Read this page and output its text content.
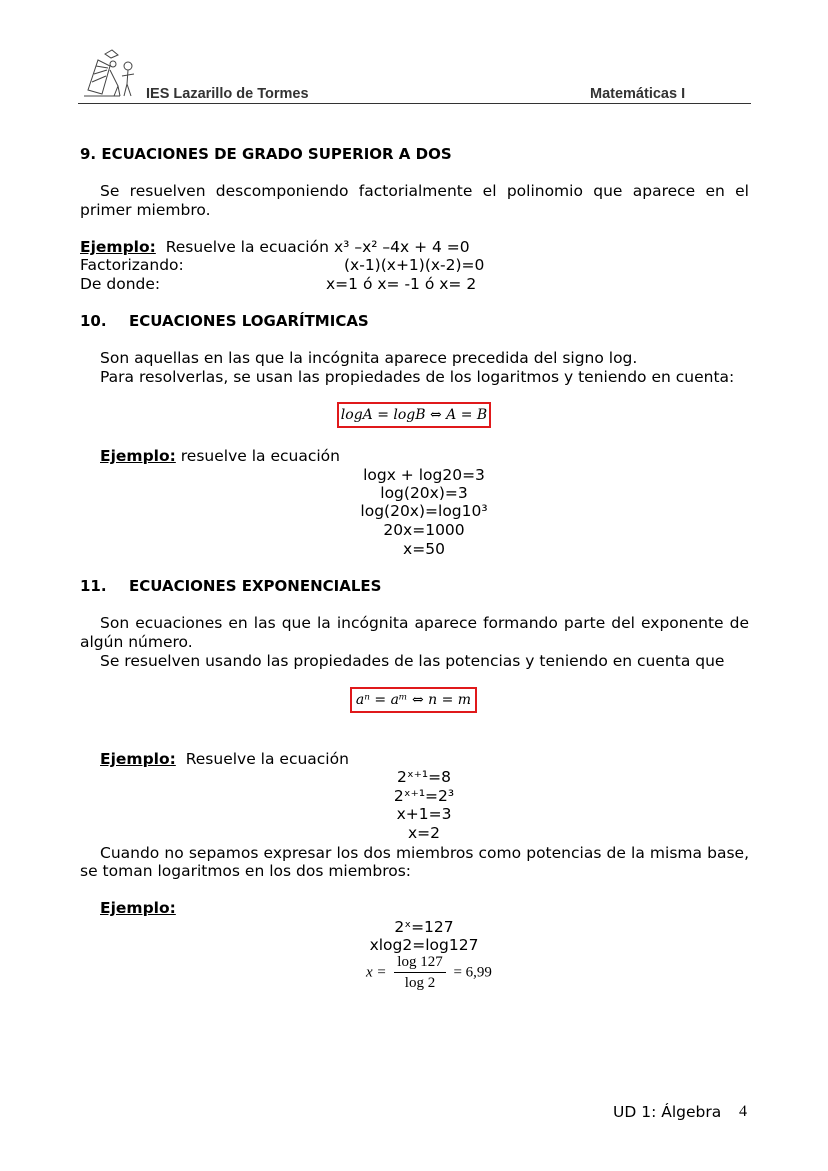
IES Lazarillo de Tormes	Matemáticas I
9. ECUACIONES DE GRADO SUPERIOR A DOS
Se resuelven descomponiendo factorialmente el polinomio que aparece en el
primer miembro.
Ejemplo: Resuelve la ecuación x³ –x² –4x + 4 =0
Factorizando:	(x-1)(x+1)(x-2)=0
De donde:	x=1 ó x= -1 ó x= 2
10. ECUACIONES LOGARÍTMICAS
Son aquellas en las que la incógnita aparece precedida del signo log.
Para resolverlas, se usan las propiedades de los logaritmos y teniendo en cuenta:
logA = logB ⇔ A = B
Ejemplo: resuelve la ecuación
logx + log20=3
log(20x)=3
log(20x)=log10³
20x=1000
x=50
11. ECUACIONES EXPONENCIALES
Son ecuaciones en las que la incógnita aparece formando parte del exponente de
algún número.
Se resuelven usando las propiedades de las potencias y teniendo en cuenta que
aⁿ = aᵐ ⇔ n = m
Ejemplo: Resuelve la ecuación
2ˣ⁺¹=8
2ˣ⁺¹=2³
x+1=3
x=2
Cuando no sepamos expresar los dos miembros como potencias de la misma base,
se toman logaritmos en los dos miembros:
Ejemplo:
2ˣ=127
xlog2=log127
$x = \frac{\log 127}{\log 2} = 6,99$
UD 1: Álgebra 4
